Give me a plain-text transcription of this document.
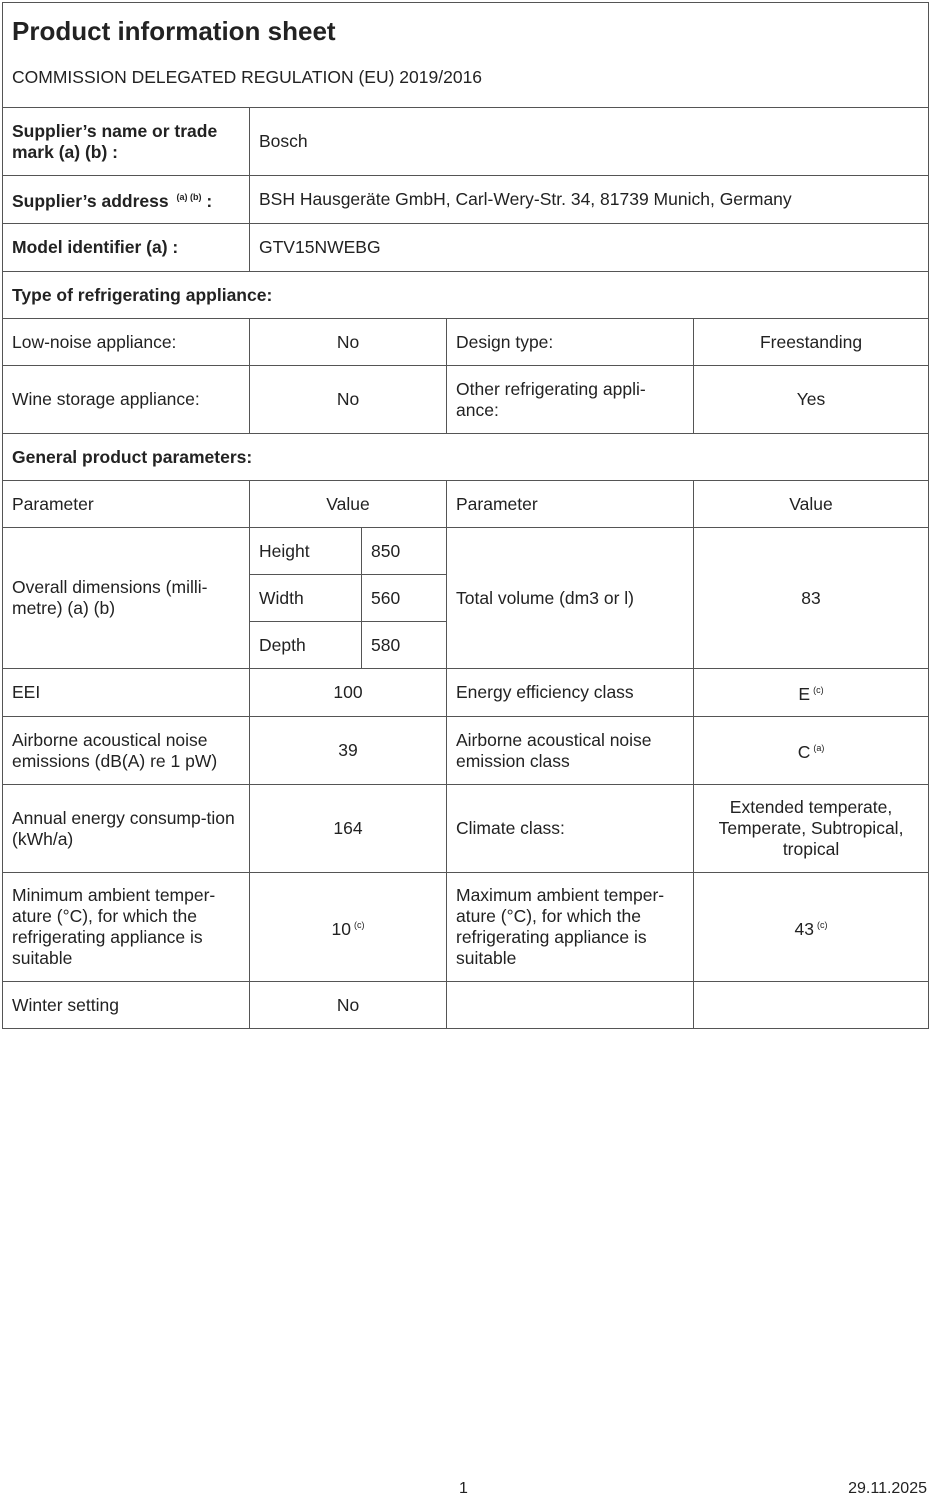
Product information sheet
COMMISSION DELEGATED REGULATION (EU) 2019/2016				

Supplier’s name or trade mark (a) (b) :	Bosch			
Supplier’s address $^{(a) (b)}$ :	BSH Hausgeräte GmbH, Carl-Wery-Str. 34, 81739 Munich, Germany			
Model identifier (a) :	GTV15NWEBG			
Type of refrigerating appliance:				
Low-noise appliance:	No		Design type:	Freestanding
Wine storage appliance:	No		Other refrigerating appli-ance:	Yes
General product parameters:				
Parameter	Value		Parameter	Value
Overall dimensions (milli-metre) (a) (b)	Height	850	Total volume (dm3 or l)	83
	Width	560		
	Depth	580		
EEI	100		Energy efficiency class	E $^{(c)}$
Airborne acoustical noise emissions (dB(A) re 1 pW)	39		Airborne acoustical noise emission class	C $^{(a)}$
Annual energy consump-tion (kWh/a)	164		Climate class:	Extended temperate, Temperate, Subtropical, tropical
Minimum ambient temper-ature (°C), for which the refrigerating appliance is suitable	10 $^{(c)}$		Maximum ambient temper-ature (°C), for which the refrigerating appliance is suitable	43 $^{(c)}$
Winter setting	No			
1	29.11.2025
